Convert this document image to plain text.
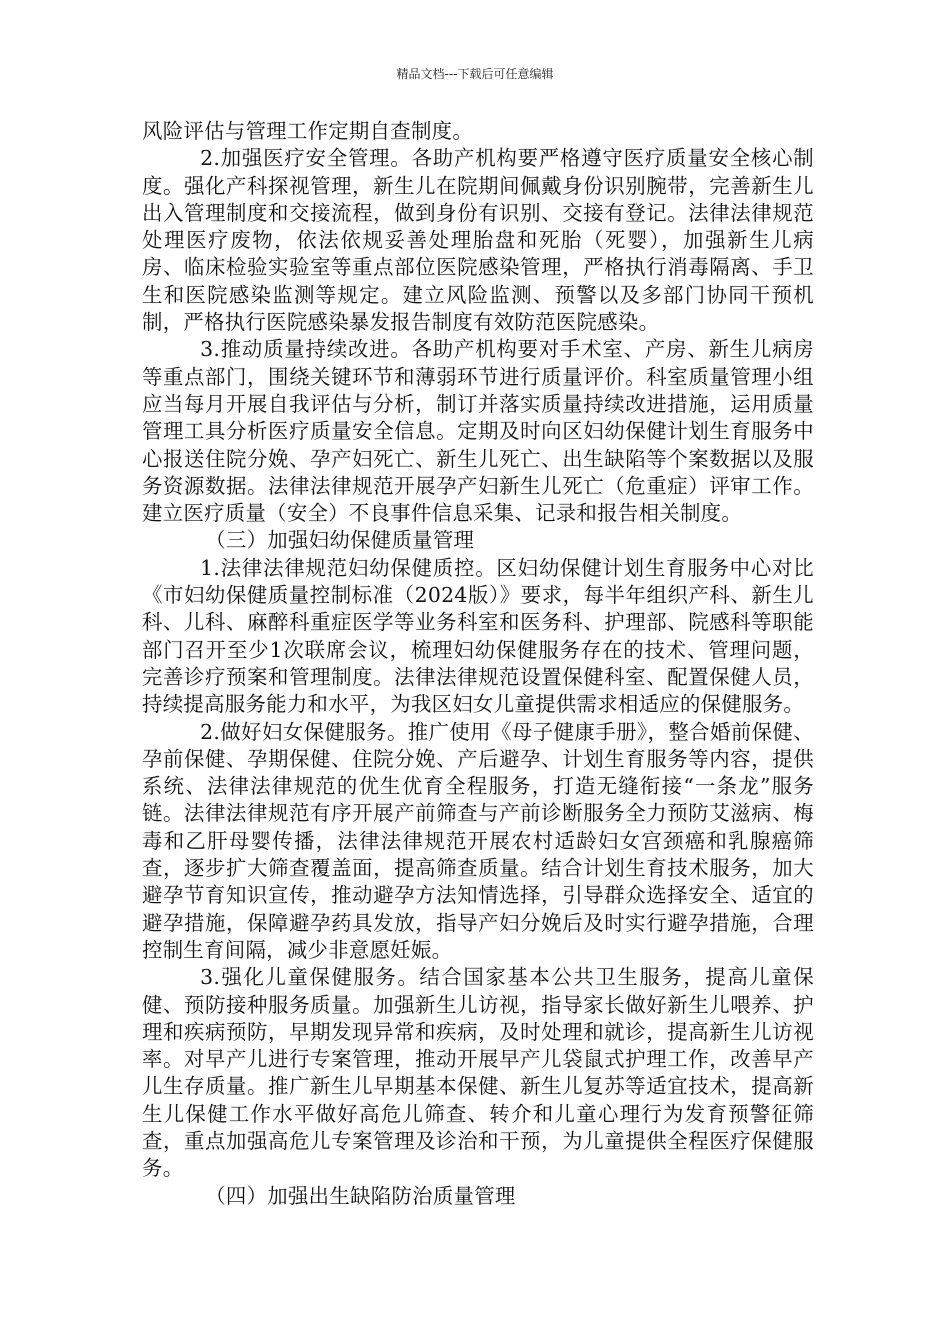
精品文档---下载后可任意编辑

风险评估与管理工作定期自查制度。

2.加强医疗安全管理。各助产机构要严格遵守医疗质量安全核心制度。强化产科探视管理，新生儿在院期间佩戴身份识别腕带，完善新生儿出入管理制度和交接流程，做到身份有识别、交接有登记。法律法律规范处理医疗废物，依法依规妥善处理胎盘和死胎（死婴），加强新生儿病房、临床检验实验室等重点部位医院感染管理，严格执行消毒隔离、手卫生和医院感染监测等规定。建立风险监测、预警以及多部门协同干预机制，严格执行医院感染暴发报告制度有效防范医院感染。

3.推动质量持续改进。各助产机构要对手术室、产房、新生儿病房等重点部门，围绕关键环节和薄弱环节进行质量评价。科室质量管理小组应当每月开展自我评估与分析，制订并落实质量持续改进措施，运用质量管理工具分析医疗质量安全信息。定期及时向区妇幼保健计划生育服务中心报送住院分娩、孕产妇死亡、新生儿死亡、出生缺陷等个案数据以及服务资源数据。法律法律规范开展孕产妇新生儿死亡（危重症）评审工作。建立医疗质量（安全）不良事件信息采集、记录和报告相关制度。

（三）加强妇幼保健质量管理

1.法律法律规范妇幼保健质控。区妇幼保健计划生育服务中心对比《市妇幼保健质量控制标准（2024版）》要求，每半年组织产科、新生儿科、儿科、麻醉科重症医学等业务科室和医务科、护理部、院感科等职能部门召开至少1次联席会议，梳理妇幼保健服务存在的技术、管理问题，完善诊疗预案和管理制度。法律法律规范设置保健科室、配置保健人员，持续提高服务能力和水平，为我区妇女儿童提供需求相适应的保健服务。

2.做好妇女保健服务。推广使用《母子健康手册》，整合婚前保健、孕前保健、孕期保健、住院分娩、产后避孕、计划生育服务等内容，提供系统、法律法律规范的优生优育全程服务，打造无缝衔接“一条龙”服务链。法律法律规范有序开展产前筛查与产前诊断服务全力预防艾滋病、梅毒和乙肝母婴传播，法律法律规范开展农村适龄妇女宫颈癌和乳腺癌筛查，逐步扩大筛查覆盖面，提高筛查质量。结合计划生育技术服务，加大避孕节育知识宣传，推动避孕方法知情选择，引导群众选择安全、适宜的避孕措施，保障避孕药具发放，指导产妇分娩后及时实行避孕措施，合理控制生育间隔，减少非意愿妊娠。

3.强化儿童保健服务。结合国家基本公共卫生服务，提高儿童保健、预防接种服务质量。加强新生儿访视，指导家长做好新生儿喂养、护理和疾病预防，早期发现异常和疾病，及时处理和就诊，提高新生儿访视率。对早产儿进行专案管理，推动开展早产儿袋鼠式护理工作，改善早产儿生存质量。推广新生儿早期基本保健、新生儿复苏等适宜技术，提高新生儿保健工作水平做好高危儿筛查、转介和儿童心理行为发育预警征筛查，重点加强高危儿专案管理及诊治和干预，为儿童提供全程医疗保健服务。

（四）加强出生缺陷防治质量管理
